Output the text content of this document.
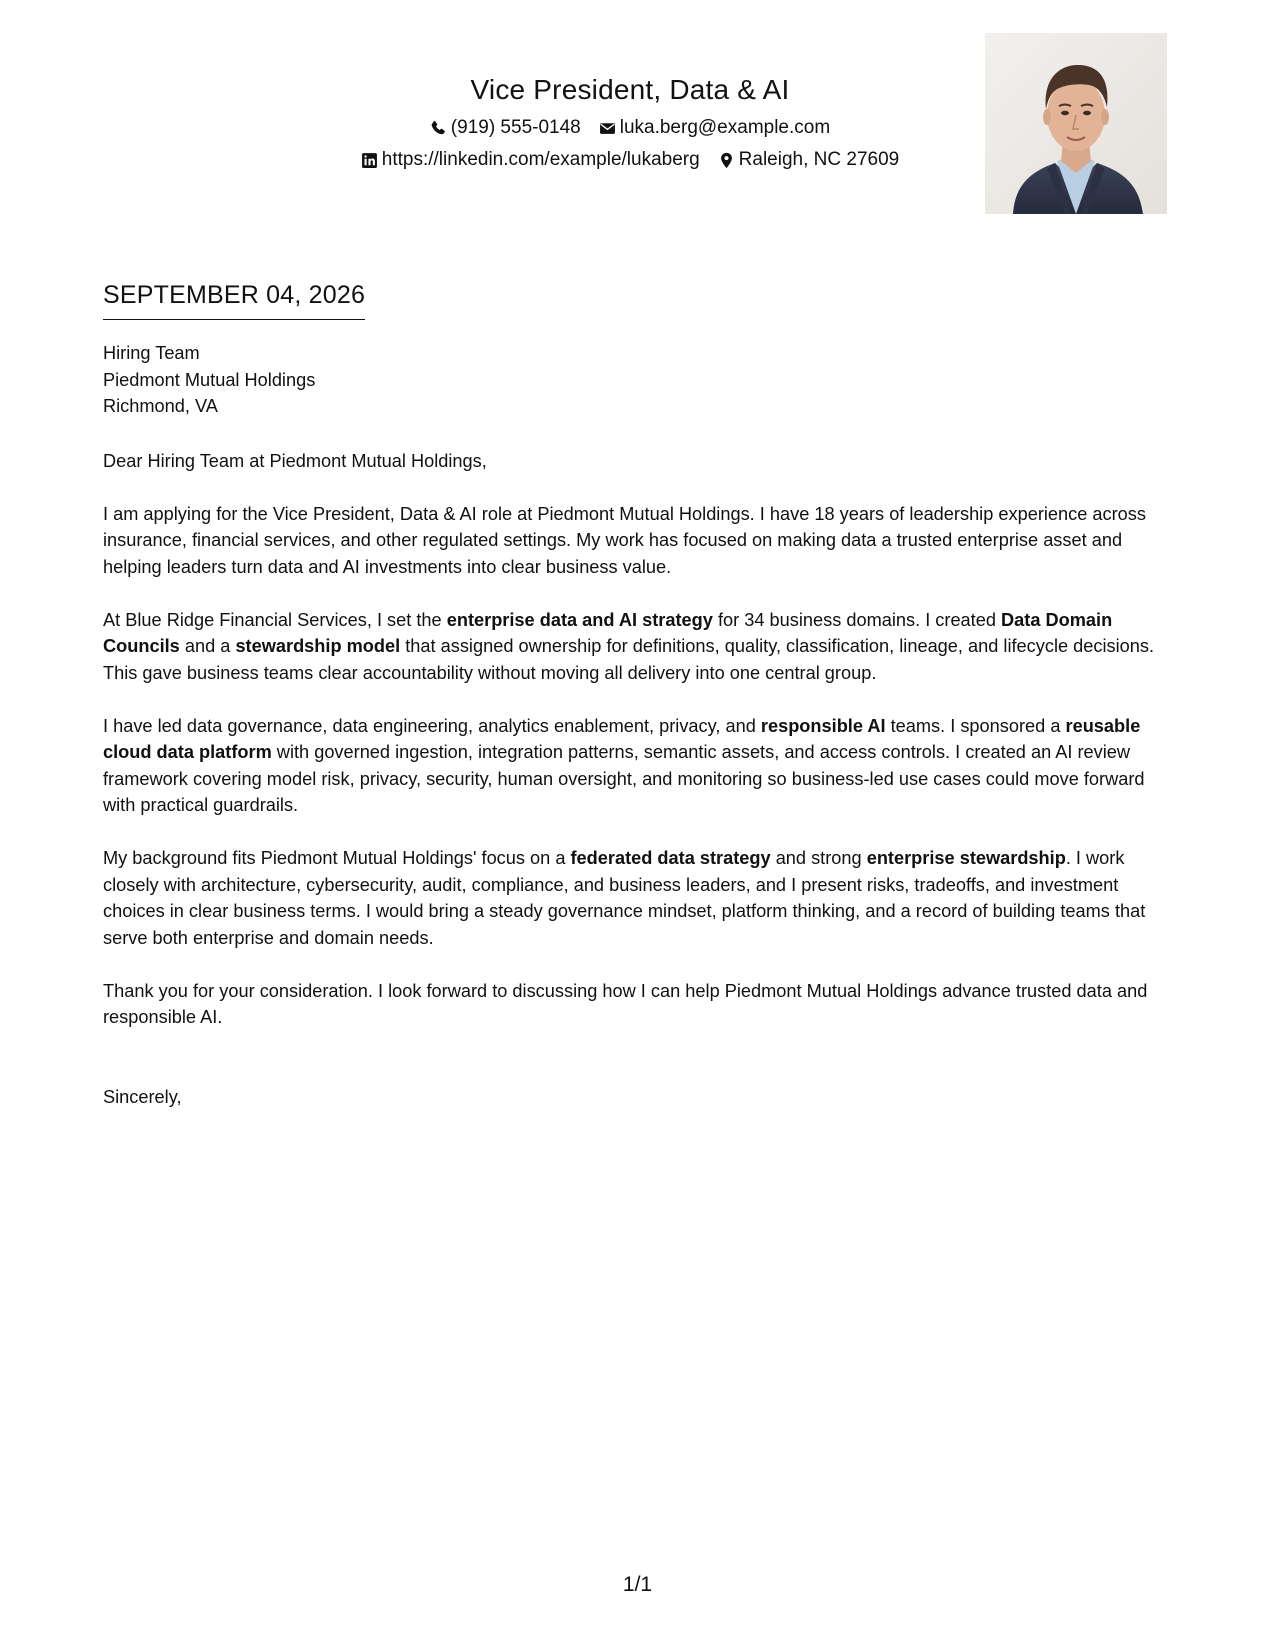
Vice President, Data & AI
(919) 555-0148 luka.berg@example.com
https://linkedin.com/example/lukaberg Raleigh, NC 27609
SEPTEMBER 04, 2026
Hiring Team
Piedmont Mutual Holdings
Richmond, VA
Dear Hiring Team at Piedmont Mutual Holdings,
I am applying for the Vice President, Data & AI role at Piedmont Mutual Holdings. I have 18 years of leadership experience across insurance, financial services, and other regulated settings. My work has focused on making data a trusted enterprise asset and helping leaders turn data and AI investments into clear business value.
At Blue Ridge Financial Services, I set the enterprise data and AI strategy for 34 business domains. I created Data Domain Councils and a stewardship model that assigned ownership for definitions, quality, classification, lineage, and lifecycle decisions. This gave business teams clear accountability without moving all delivery into one central group.
I have led data governance, data engineering, analytics enablement, privacy, and responsible AI teams. I sponsored a reusable cloud data platform with governed ingestion, integration patterns, semantic assets, and access controls. I created an AI review framework covering model risk, privacy, security, human oversight, and monitoring so business-led use cases could move forward with practical guardrails.
My background fits Piedmont Mutual Holdings' focus on a federated data strategy and strong enterprise stewardship. I work closely with architecture, cybersecurity, audit, compliance, and business leaders, and I present risks, tradeoffs, and investment choices in clear business terms. I would bring a steady governance mindset, platform thinking, and a record of building teams that serve both enterprise and domain needs.
Thank you for your consideration. I look forward to discussing how I can help Piedmont Mutual Holdings advance trusted data and responsible AI.
Sincerely,
1/1
